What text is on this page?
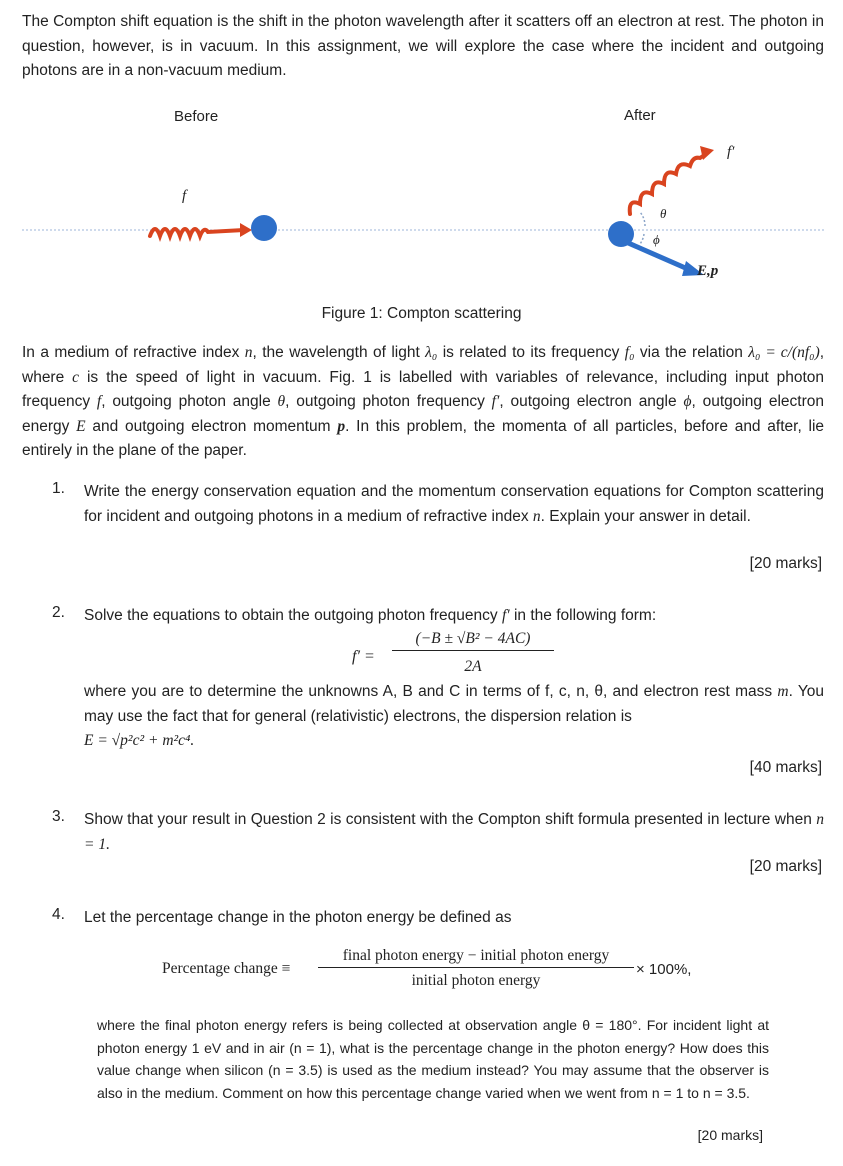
The Compton shift equation is the shift in the photon wavelength after it scatters off an electron at rest. The photon in question, however, is in vacuum. In this assignment, we will explore the case where the incident and outgoing photons are in a non-vacuum medium.
Before	After
f
f′
θ
ϕ
E,p
Figure 1: Compton scattering
In a medium of refractive index n, the wavelength of light λ₀ is related to its frequency f₀ via the relation λ₀ = c/(nf₀), where c is the speed of light in vacuum. Fig. 1 is labelled with variables of relevance, including input photon frequency f, outgoing photon angle θ, outgoing photon frequency f′, outgoing electron angle ϕ, outgoing electron energy E and outgoing electron momentum p. In this problem, the momenta of all particles, before and after, lie entirely in the plane of the paper.
1. Write the energy conservation equation and the momentum conservation equations for Compton scattering for incident and outgoing photons in a medium of refractive index n. Explain your answer in detail.
[20 marks]
2. Solve the equations to obtain the outgoing photon frequency f′ in the following form:
f′ =
(−B ± √B² − 4AC)
2A
where you are to determine the unknowns A, B and C in terms of f, c, n, θ, and electron rest mass m. You may use the fact that for general (relativistic) electrons, the dispersion relation is
E = √p²c² + m²c⁴.
[40 marks]
3. Show that your result in Question 2 is consistent with the Compton shift formula presented in lecture when n = 1.
[20 marks]
4. Let the percentage change in the photon energy be defined as
Percentage change ≡
final photon energy − initial photon energy
initial photon energy
× 100%,
where the final photon energy refers is being collected at observation angle θ = 180°. For incident light at photon energy 1 eV and in air (n = 1), what is the percentage change in the photon energy? How does this value change when silicon (n = 3.5) is used as the medium instead? You may assume that the observer is also in the medium. Comment on how this percentage change varied when we went from n = 1 to n = 3.5.
[20 marks]
